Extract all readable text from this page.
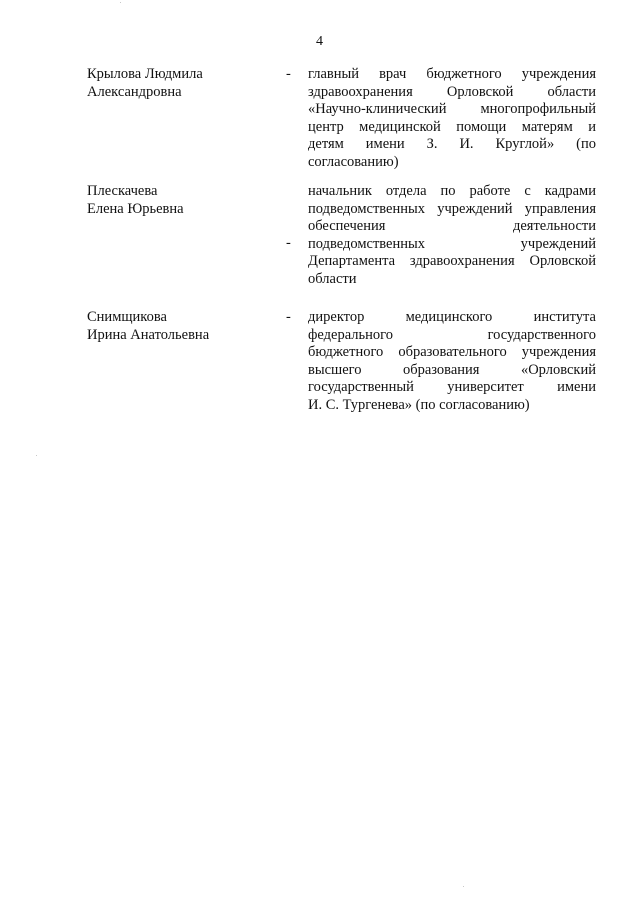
4
Крылова Людмила
Александровна
- главный врач бюджетного учреждения
здравоохранения Орловской области
«Научно-клинический многопрофильный
центр медицинской помощи матерям и
детям имени З. И. Круглой» (по
согласованию)
Плескачева
Елена Юрьевна
-
начальник отдела по работе с кадрами
подведомственных учреждений управления
обеспечения деятельности
подведомственных учреждений
Департамента здравоохранения Орловской
области
Снимщикова
Ирина Анатольевна
- директор медицинского института
федерального государственного
бюджетного образовательного учреждения
высшего образования «Орловский
государственный университет имени
И. С. Тургенева» (по согласованию)
